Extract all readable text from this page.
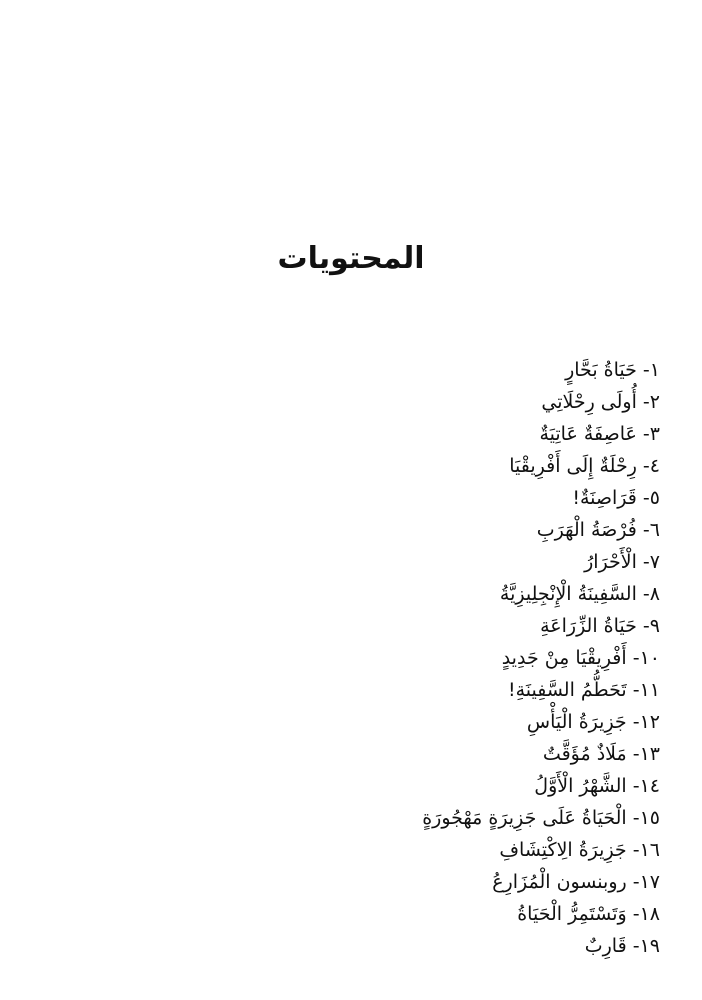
المحتويات
١- حَيَاةُ بَحَّارٍ
٢- أُولَى رِحْلَاتِي
٣- عَاصِفَةٌ عَاتِيَةٌ
٤- رِحْلَةٌ إِلَى أَفْرِيقْيَا
٥- قَرَاصِنَةٌ!
٦- فُرْصَةُ الْهَرَبِ
٧- الْأَحْرَارُ
٨- السَّفِينَةُ الْإِنْجِلِيزِيَّةُ
٩- حَيَاةُ الزِّرَاعَةِ
١٠- أَفْرِيقْيَا مِنْ جَدِيدٍ
١١- تَحَطُّمُ السَّفِينَةِ!
١٢- جَزِيرَةُ الْيَأْسِ
١٣- مَلَاذٌ مُؤَقَّتٌ
١٤- الشَّهْرُ الْأَوَّلُ
١٥- الْحَيَاةُ عَلَى جَزِيرَةٍ مَهْجُورَةٍ
١٦- جَزِيرَةُ الِاكْتِشَافِ
١٧- روبنسون الْمُزَارِعُ
١٨- وَتَسْتَمِرُّ الْحَيَاةُ
١٩- قَارِبٌ
